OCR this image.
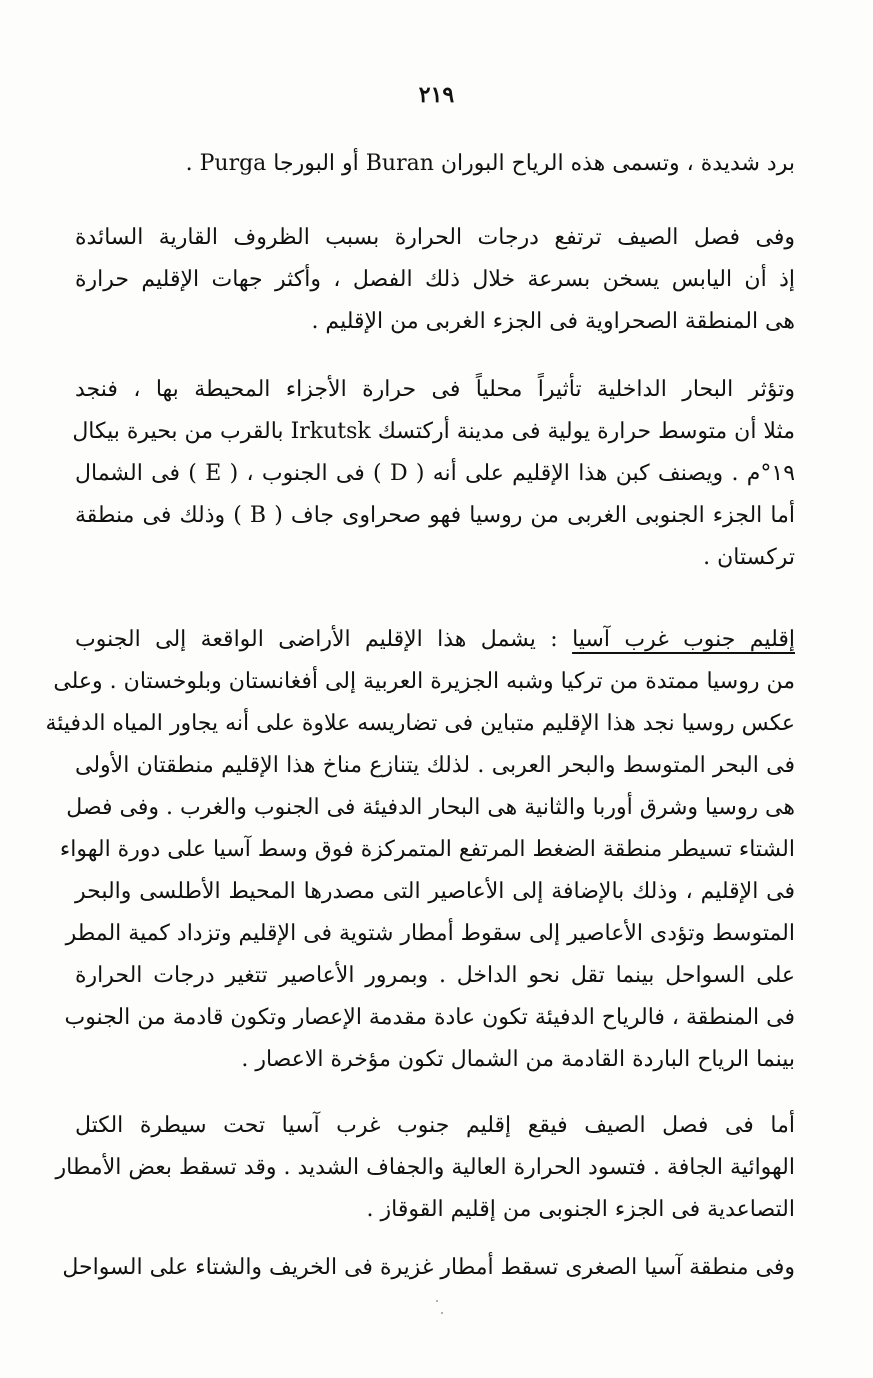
٢١٩
برد شديدة ، وتسمى هذه الرياح البوران Buran أو البورجا Purga .
وفى فصل الصيف ترتفع درجات الحرارة بسبب الظروف القارية السائدة
إذ أن اليابس يسخن بسرعة خلال ذلك الفصل ، وأكثر جهات الإقليم حرارة
هى المنطقة الصحراوية فى الجزء الغربى من الإقليم .
وتؤثر البحار الداخلية تأثيراً محلياً فى حرارة الأجزاء المحيطة بها ، فنجد
مثلا أن متوسط حرارة يولية فى مدينة أركتسك Irkutsk بالقرب من بحيرة بيكال
١٩°م . ويصنف كبن هذا الإقليم على أنه ( D ) فى الجنوب ، ( E ) فى الشمال
أما الجزء الجنوبى الغربى من روسيا فهو صحراوى جاف ( B ) وذلك فى منطقة
تركستان .
إقليم جنوب غرب آسيا : يشمل هذا الإقليم الأراضى الواقعة إلى الجنوب
من روسيا ممتدة من تركيا وشبه الجزيرة العربية إلى أفغانستان وبلوخستان . وعلى
عكس روسيا نجد هذا الإقليم متباين فى تضاريسه علاوة على أنه يجاور المياه الدفيئة
فى البحر المتوسط والبحر العربى . لذلك يتنازع مناخ هذا الإقليم منطقتان الأولى
هى روسيا وشرق أوربا والثانية هى البحار الدفيئة فى الجنوب والغرب . وفى فصل
الشتاء تسيطر منطقة الضغط المرتفع المتمركزة فوق وسط آسيا على دورة الهواء
فى الإقليم ، وذلك بالإضافة إلى الأعاصير التى مصدرها المحيط الأطلسى والبحر
المتوسط وتؤدى الأعاصير إلى سقوط أمطار شتوية فى الإقليم وتزداد كمية المطر
على السواحل بينما تقل نحو الداخل . وبمرور الأعاصير تتغير درجات الحرارة
فى المنطقة ، فالرياح الدفيئة تكون عادة مقدمة الإعصار وتكون قادمة من الجنوب
بينما الرياح الباردة القادمة من الشمال تكون مؤخرة الاعصار .
أما فى فصل الصيف فيقع إقليم جنوب غرب آسيا تحت سيطرة الكتل
الهوائية الجافة . فتسود الحرارة العالية والجفاف الشديد . وقد تسقط بعض الأمطار
التصاعدية فى الجزء الجنوبى من إقليم القوقاز .
وفى منطقة آسيا الصغرى تسقط أمطار غزيرة فى الخريف والشتاء على السواحل
